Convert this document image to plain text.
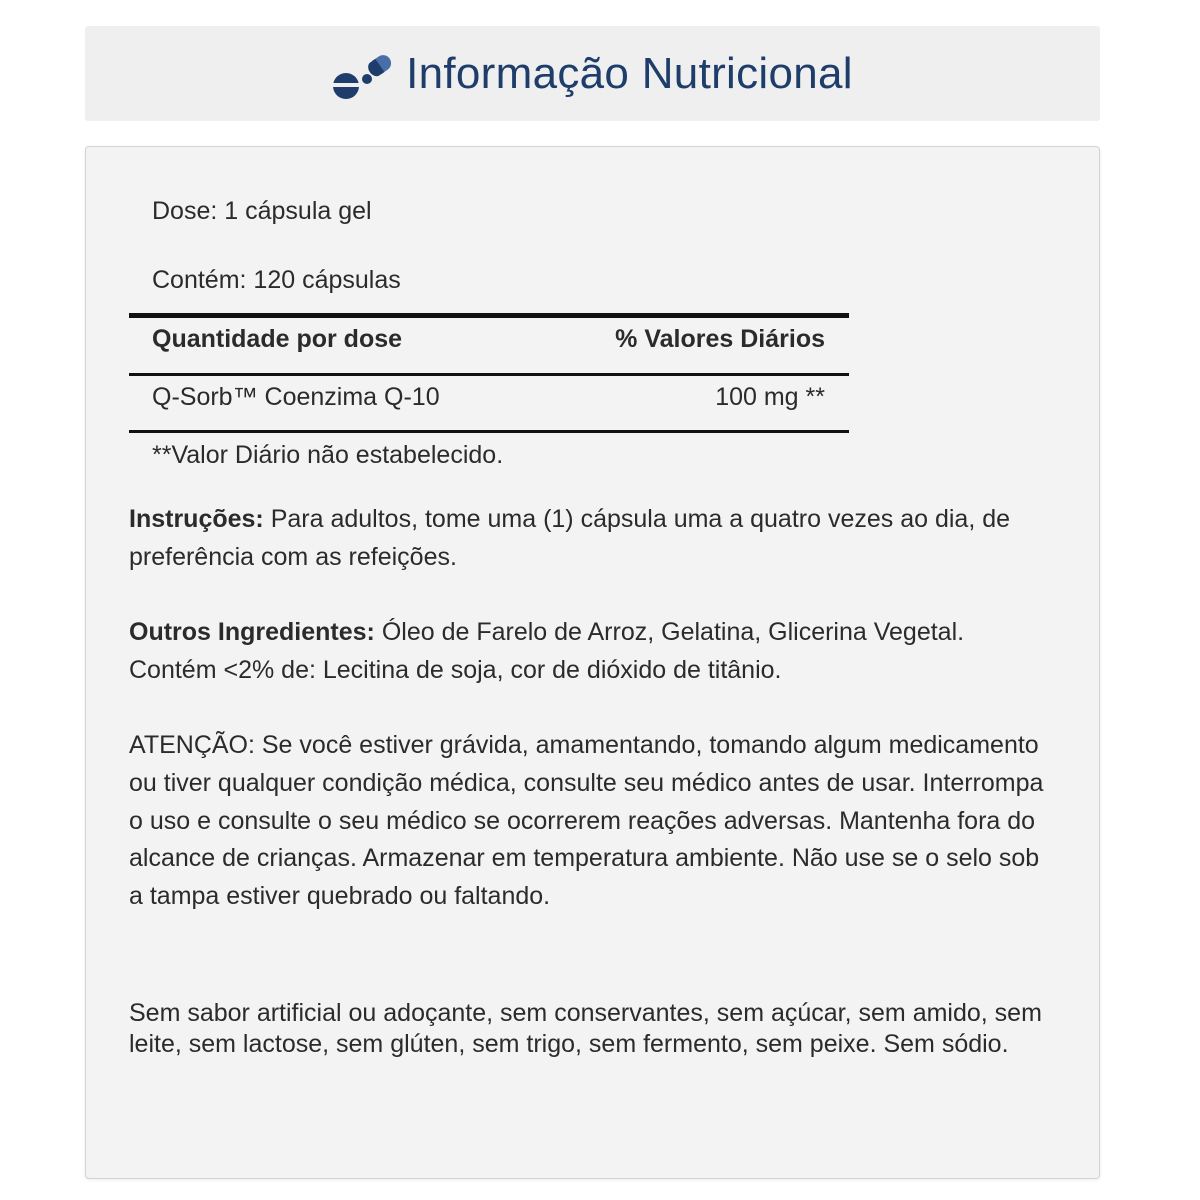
Informação Nutricional
Dose: 1 cápsula gel
Contém: 120 cápsulas
Quantidade por dose	% Valores Diários
Q-Sorb™ Coenzima Q-10	100 mg **
**Valor Diário não estabelecido.
Instruções: Para adultos, tome uma (1) cápsula uma a quatro vezes ao dia, de preferência com as refeições.
Outros Ingredientes: Óleo de Farelo de Arroz, Gelatina, Glicerina Vegetal. Contém <2% de: Lecitina de soja, cor de dióxido de titânio.
ATENÇÃO: Se você estiver grávida, amamentando, tomando algum medicamento ou tiver qualquer condição médica, consulte seu médico antes de usar. Interrompa o uso e consulte o seu médico se ocorrerem reações adversas. Mantenha fora do alcance de crianças. Armazenar em temperatura ambiente. Não use se o selo sob a tampa estiver quebrado ou faltando.
Sem sabor artificial ou adoçante, sem conservantes, sem açúcar, sem amido, sem leite, sem lactose, sem glúten, sem trigo, sem fermento, sem peixe. Sem sódio.
